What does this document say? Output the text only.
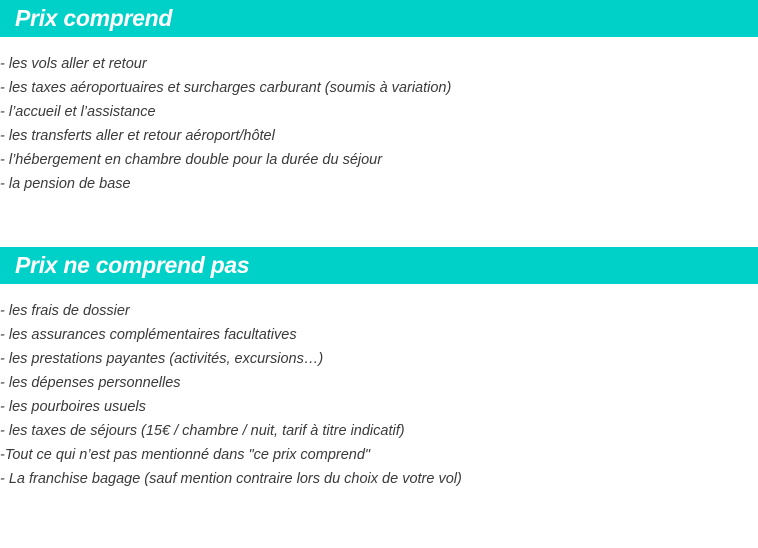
Prix comprend
- les vols aller et retour
- les taxes aéroportuaires et surcharges carburant (soumis à variation)
- l’accueil et l’assistance
- les transferts aller et retour aéroport/hôtel
- l’hébergement en chambre double pour la durée du séjour
- la pension de base
Prix ne comprend pas
- les frais de dossier
- les assurances complémentaires facultatives
- les prestations payantes (activités, excursions…)
- les dépenses personnelles
- les pourboires usuels
- les taxes de séjours (15€ / chambre / nuit, tarif à titre indicatif)
-Tout ce qui n’est pas mentionné dans "ce prix comprend"
- La franchise bagage (sauf mention contraire lors du choix de votre vol)
